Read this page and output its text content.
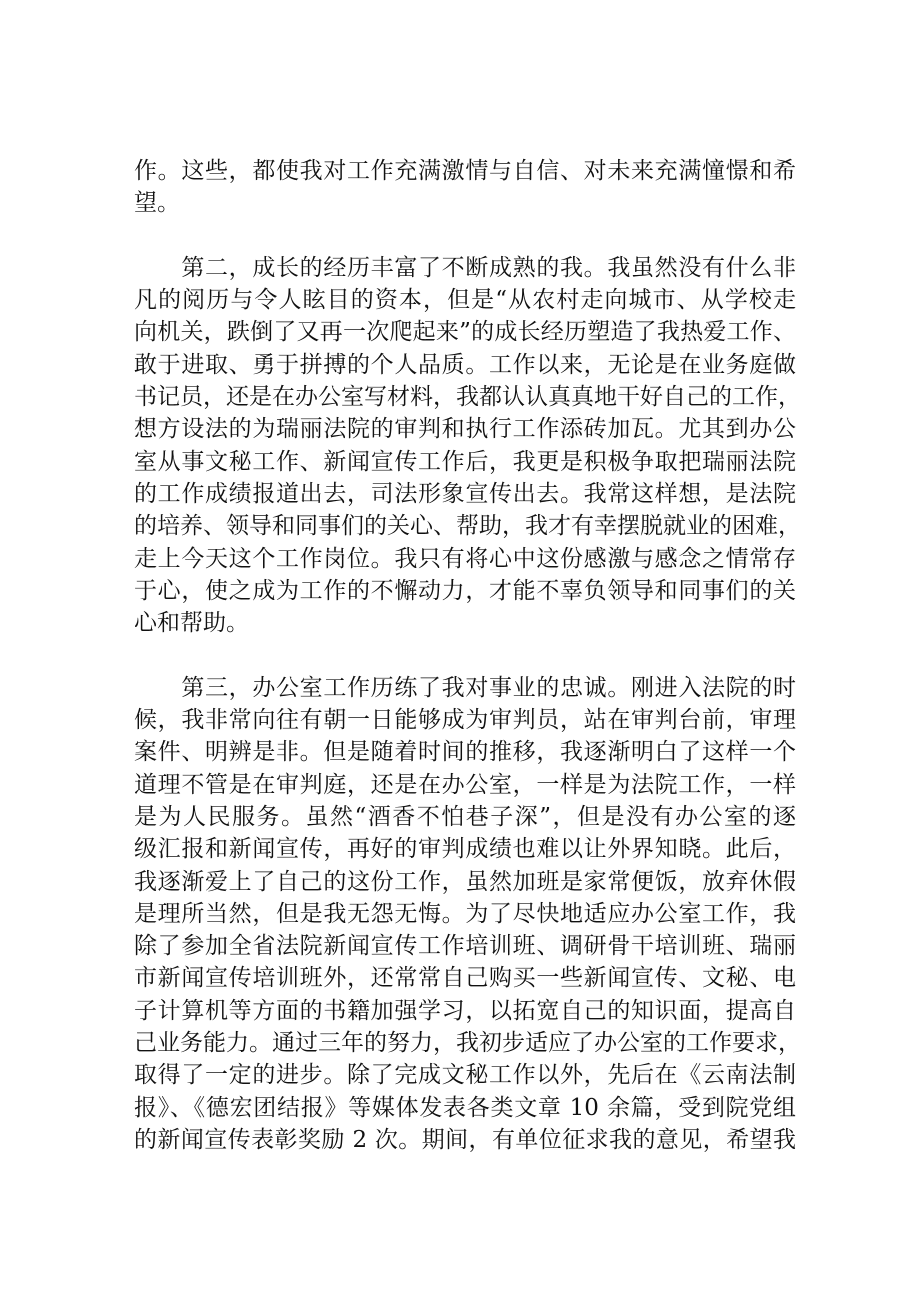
作。这些，都使我对工作充满激情与自信、对未来充满憧憬和希
望。
　　第二，成长的经历丰富了不断成熟的我。我虽然没有什么非
凡的阅历与令人眩目的资本，但是“从农村走向城市、从学校走
向机关，跌倒了又再一次爬起来”的成长经历塑造了我热爱工作、
敢于进取、勇于拼搏的个人品质。工作以来，无论是在业务庭做
书记员，还是在办公室写材料，我都认认真真地干好自己的工作，
想方设法的为瑞丽法院的审判和执行工作添砖加瓦。尤其到办公
室从事文秘工作、新闻宣传工作后，我更是积极争取把瑞丽法院
的工作成绩报道出去，司法形象宣传出去。我常这样想，是法院
的培养、领导和同事们的关心、帮助，我才有幸摆脱就业的困难，
走上今天这个工作岗位。我只有将心中这份感激与感念之情常存
于心，使之成为工作的不懈动力，才能不辜负领导和同事们的关
心和帮助。
　　第三，办公室工作历练了我对事业的忠诚。刚进入法院的时
候，我非常向往有朝一日能够成为审判员，站在审判台前，审理
案件、明辨是非。但是随着时间的推移，我逐渐明白了这样一个
道理不管是在审判庭，还是在办公室，一样是为法院工作，一样
是为人民服务。虽然“酒香不怕巷子深”，但是没有办公室的逐
级汇报和新闻宣传，再好的审判成绩也难以让外界知晓。此后，
我逐渐爱上了自己的这份工作，虽然加班是家常便饭，放弃休假
是理所当然，但是我无怨无悔。为了尽快地适应办公室工作，我
除了参加全省法院新闻宣传工作培训班、调研骨干培训班、瑞丽
市新闻宣传培训班外，还常常自己购买一些新闻宣传、文秘、电
子计算机等方面的书籍加强学习，以拓宽自己的知识面，提高自
己业务能力。通过三年的努力，我初步适应了办公室的工作要求，
取得了一定的进步。除了完成文秘工作以外，先后在《云南法制
报》、《德宏团结报》等媒体发表各类文章 10 余篇，受到院党组
的新闻宣传表彰奖励 2 次。期间，有单位征求我的意见，希望我
